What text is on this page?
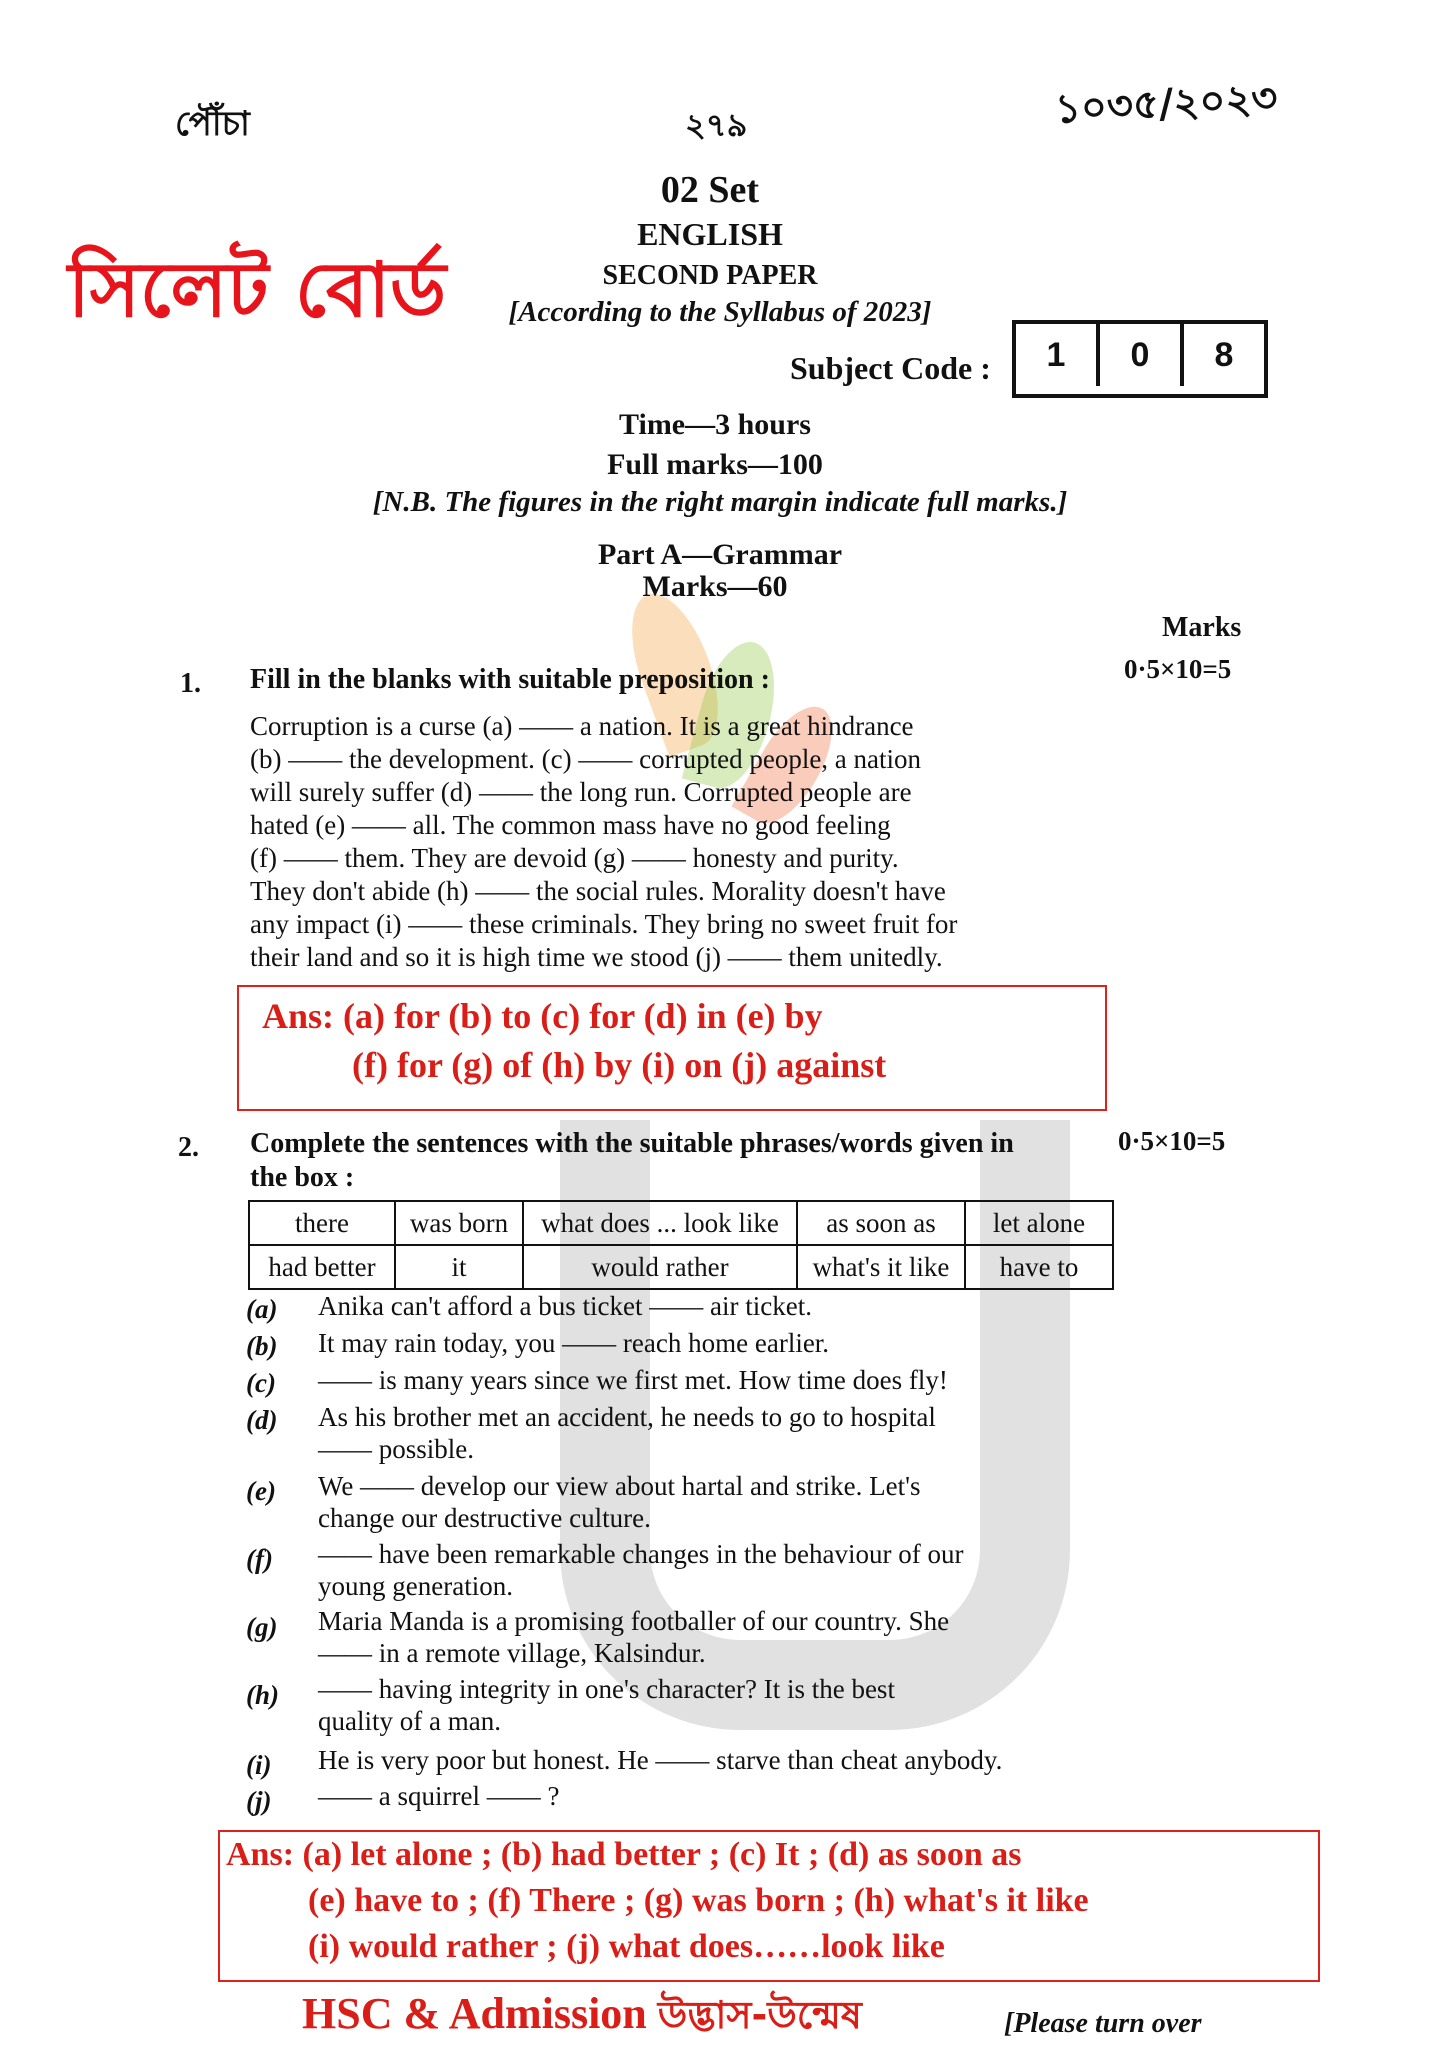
পৌঁচা	২৭৯	১০৩৫/২০২৩
সিলেট বোর্ড
02 Set
ENGLISH
SECOND PAPER
[According to the Syllabus of 2023]
Subject Code :	1	0	8
Time—3 hours
Full marks—100
[N.B. The figures in the right margin indicate full marks.]
Part A—Grammar
Marks—60
Marks
1. Fill in the blanks with suitable preposition :	0·5×10=5
Corruption is a curse (a) —— a nation. It is a great hindrance
(b) —— the development. (c) —— corrupted people, a nation
will surely suffer (d) —— the long run. Corrupted people are
hated (e) —— all. The common mass have no good feeling
(f) —— them. They are devoid (g) —— honesty and purity.
They don't abide (h) —— the social rules. Morality doesn't have
any impact (i) —— these criminals. They bring no sweet fruit for
their land and so it is high time we stood (j) —— them unitedly.
Ans: (a) for (b) to (c) for (d) in (e) by
(f) for (g) of (h) by (i) on (j) against
2. Complete the sentences with the suitable phrases/words given in
the box :
0·5×10=5
there	was born	what does ... look like	as soon as	let alone
had better	it	would rather	what's it like	have to
(a) Anika can't afford a bus ticket —— air ticket.
(b) It may rain today, you —— reach home earlier.
(c) —— is many years since we first met. How time does fly!
(d) As his brother met an accident, he needs to go to hospital
—— possible.
(e) We —— develop our view about hartal and strike. Let's
change our destructive culture.
(f) —— have been remarkable changes in the behaviour of our
young generation.
(g) Maria Manda is a promising footballer of our country. She
—— in a remote village, Kalsindur.
(h) —— having integrity in one's character? It is the best
quality of a man.
(i) He is very poor but honest. He —— starve than cheat anybody.
(j) —— a squirrel —— ?
Ans: (a) let alone ; (b) had better ; (c) It ; (d) as soon as
(e) have to ; (f) There ; (g) was born ; (h) what's it like
(i) would rather ; (j) what does……look like
HSC & Admission উদ্ভাস-উন্মেষ	[Please turn over
